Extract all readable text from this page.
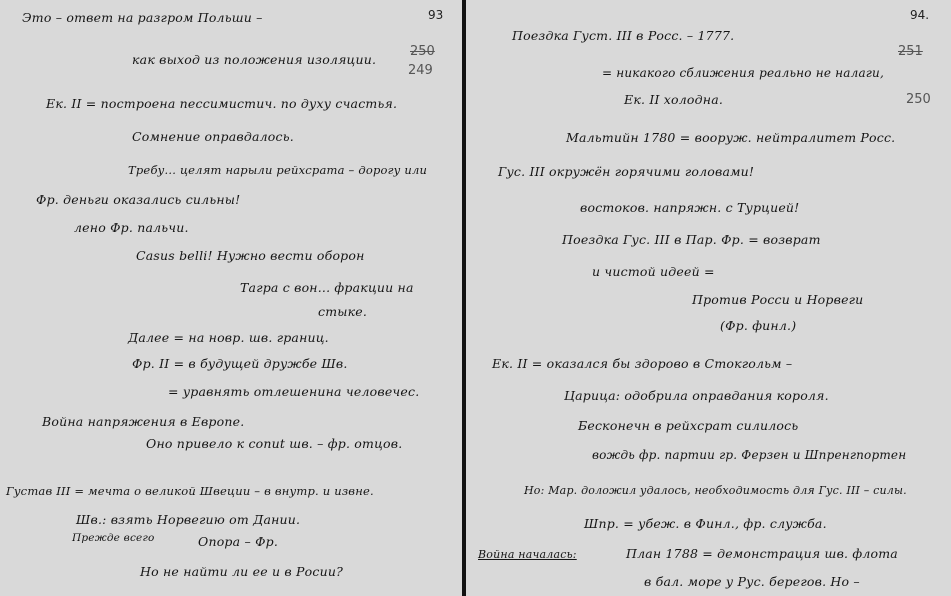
93
250
249
Это – ответ на разгром Польши –
как выход из положения изоляции.
Ек. II = построена пессимистич. по духу счастья.
Сомнение оправдалось.
Требу... целят нарыли рейхсрата – дорогу или
Фр. деньги оказались сильны!
лено Фр. пальчи.
Casus belli! Нужно вести оборон
Тагра с вон... фракции на
стыке.
Далее = на новр. шв. границ.
Фр. II = в будущей дружбе Шв.
= уравнять отлешенина человечес.
Война напряжения в Европе.
Оно привело к conut шв. – фр. отцов.
Густав III = мечта о великой Швеции – в внутр. и извне.
Шв.: взять Норвегию от Дании.
Прежде всего	Опора – Фр.
Но не найти ли ее и в Росии?
94.
251
250
Поездка Густ. III в Росс. – 1777.
= никакого сближения реально не налаги,
Ек. II холодна.
Мальтийн 1780 = вооруж. нейтралитет Росс.
Гус. III окружён горячими головами!
востоков. напряжн. с Турцией!
Поездка Гус. III в Пар. Фр. = возврат
и чистой идеей =
Против Росси и Норвеги
(Фр. финл.)
Ек. II = оказался бы здорово в Стокгольм –
Царица: одобрила оправдания короля.
Бесконечн в рейхсрат силилось
вождь фр. партии гр. Ферзен и Шпренгпортен
Но: Мар. доложил удалось, необходимость для Гус. III – силы.
Шпр. = убеж. в Финл., фр. служба.
Война началась:	План 1788 = демонстрация шв. флота
в бал. море у Рус. берегов. Но –
